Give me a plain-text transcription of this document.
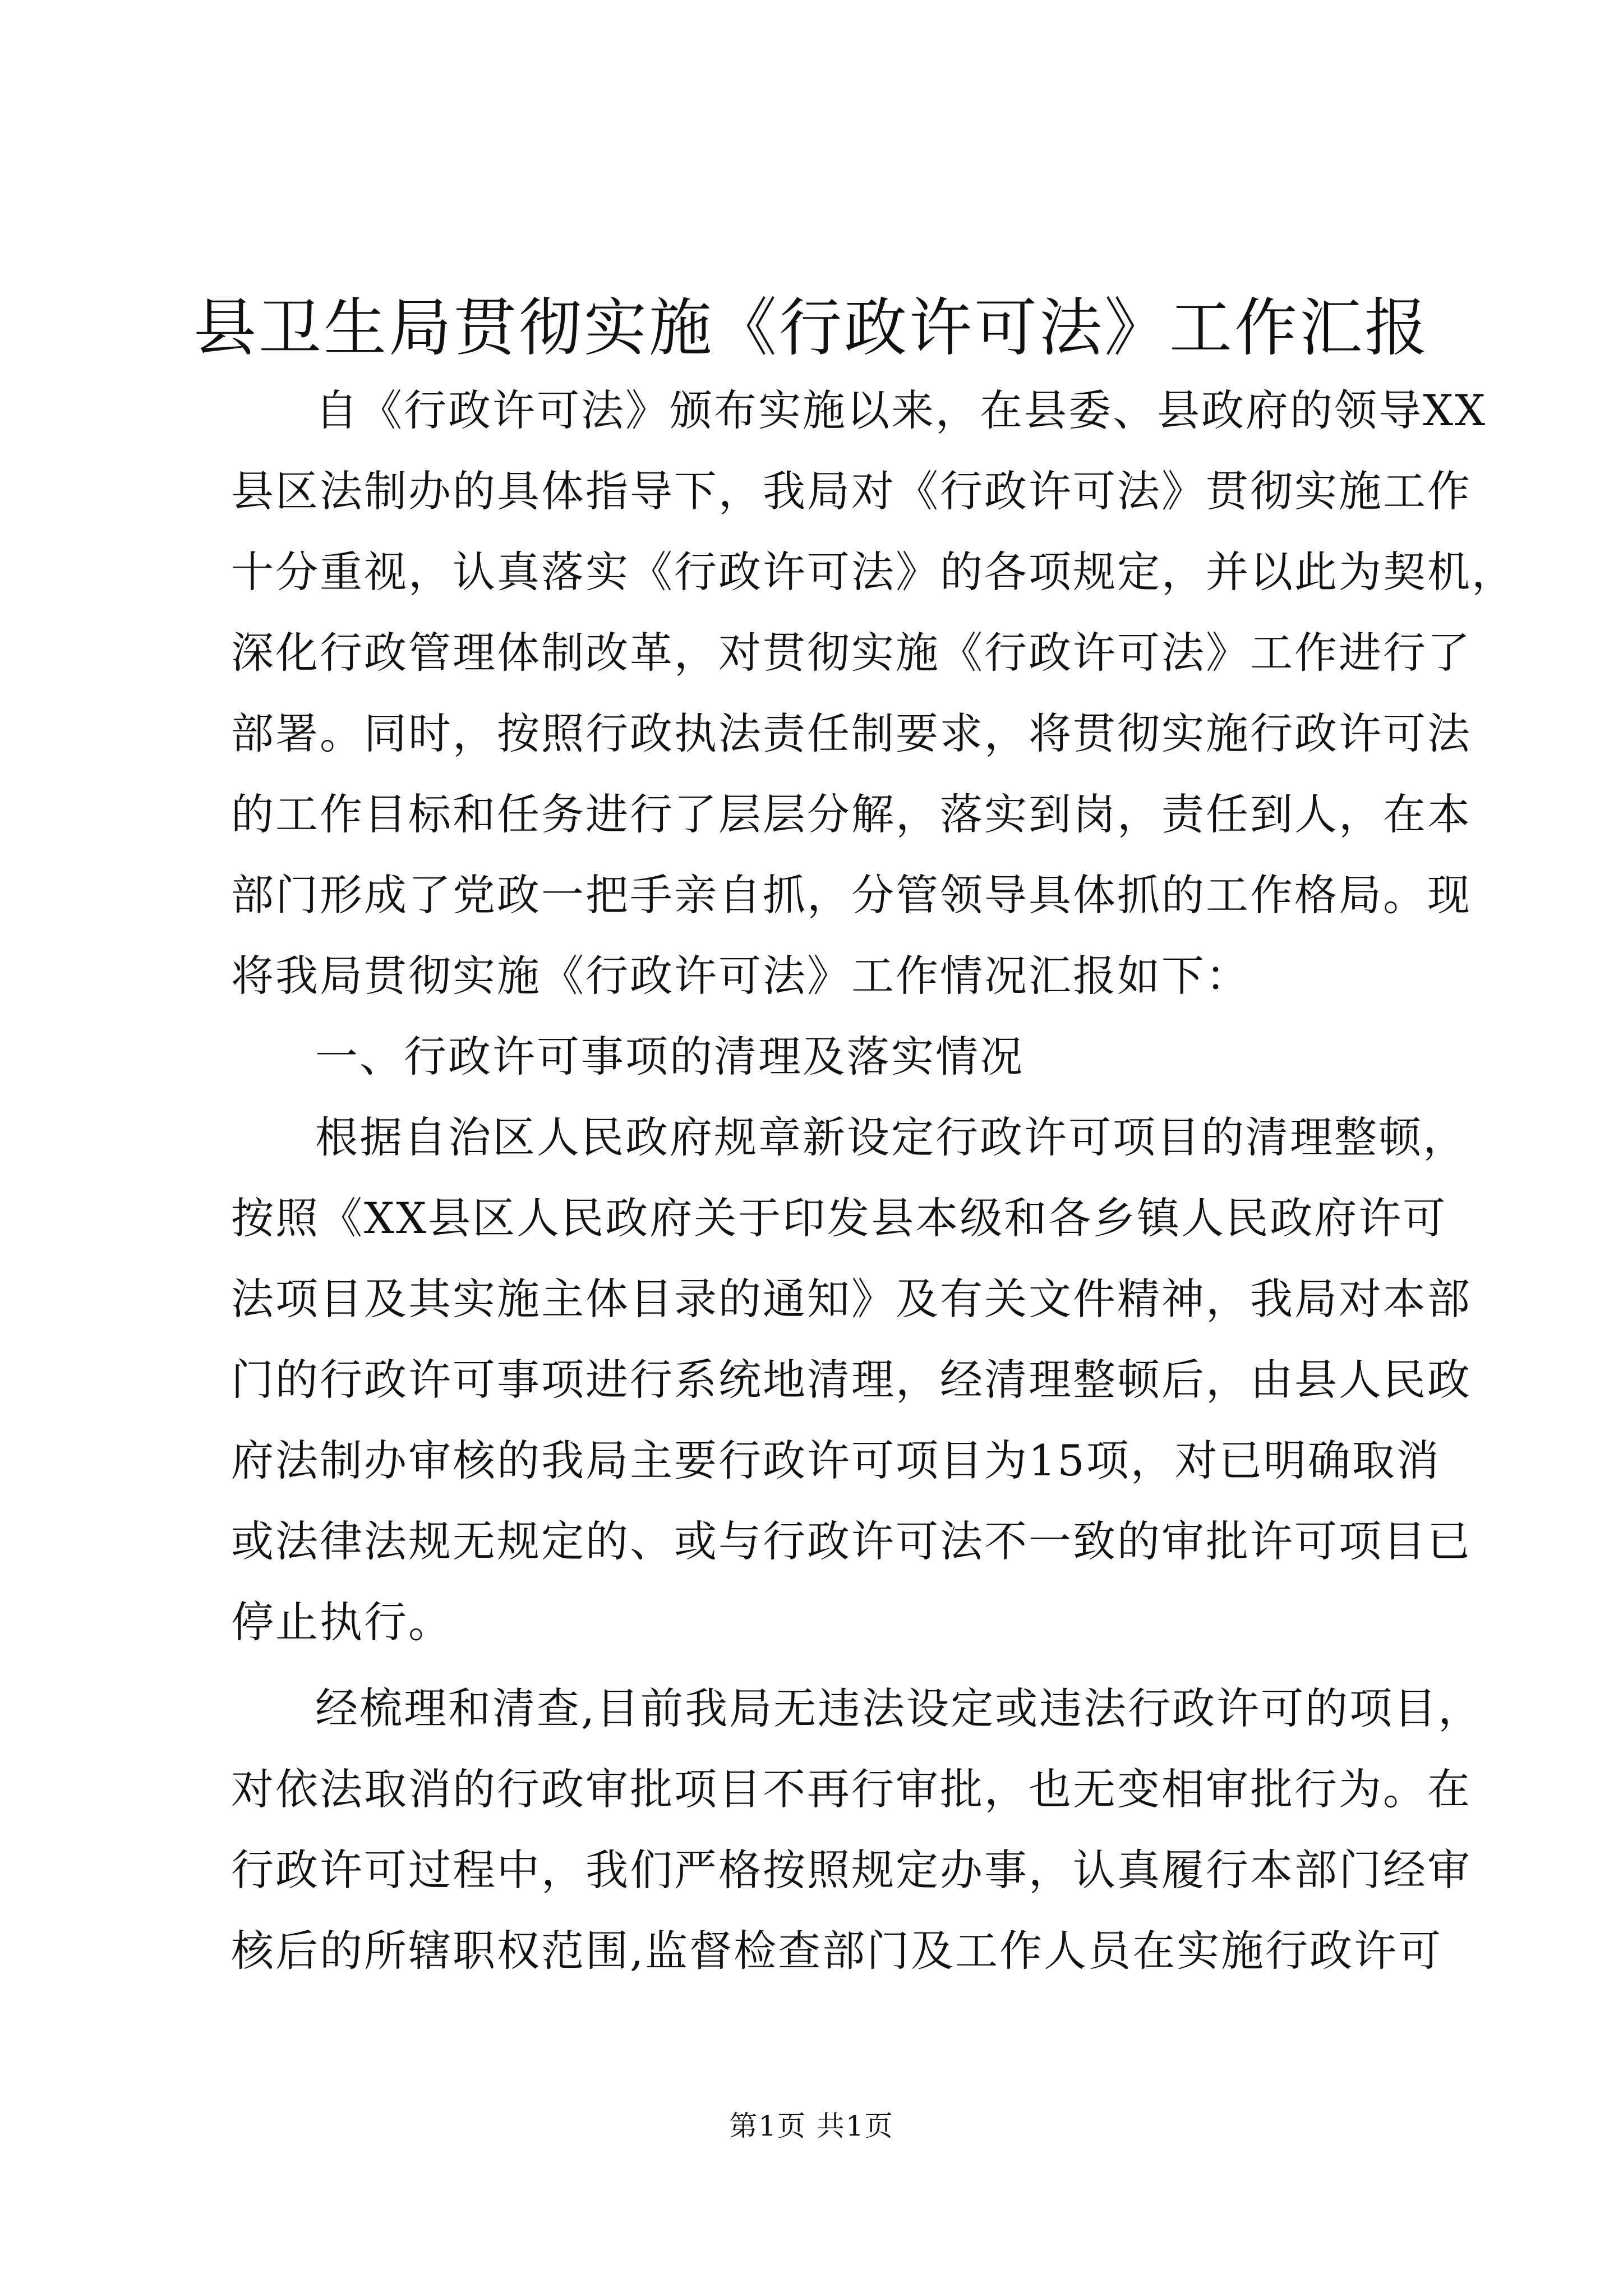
县卫生局贯彻实施《行政许可法》工作汇报
自《行政许可法》颁布实施以来，在县委、县政府的领导XX
县区法制办的具体指导下，我局对《行政许可法》贯彻实施工作
十分重视，认真落实《行政许可法》的各项规定，并以此为契机，
深化行政管理体制改革，对贯彻实施《行政许可法》工作进行了
部署。同时，按照行政执法责任制要求，将贯彻实施行政许可法
的工作目标和任务进行了层层分解，落实到岗，责任到人，在本
部门形成了党政一把手亲自抓，分管领导具体抓的工作格局。现
将我局贯彻实施《行政许可法》工作情况汇报如下：
一、行政许可事项的清理及落实情况
根据自治区人民政府规章新设定行政许可项目的清理整顿，
按照《XX县区人民政府关于印发县本级和各乡镇人民政府许可
法项目及其实施主体目录的通知》及有关文件精神，我局对本部
门的行政许可事项进行系统地清理，经清理整顿后，由县人民政
府法制办审核的我局主要行政许可项目为15项，对已明确取消
或法律法规无规定的、或与行政许可法不一致的审批许可项目已
停止执行。
经梳理和清查,目前我局无违法设定或违法行政许可的项目，
对依法取消的行政审批项目不再行审批，也无变相审批行为。在
行政许可过程中，我们严格按照规定办事，认真履行本部门经审
核后的所辖职权范围,监督检查部门及工作人员在实施行政许可
第1页 共1页
